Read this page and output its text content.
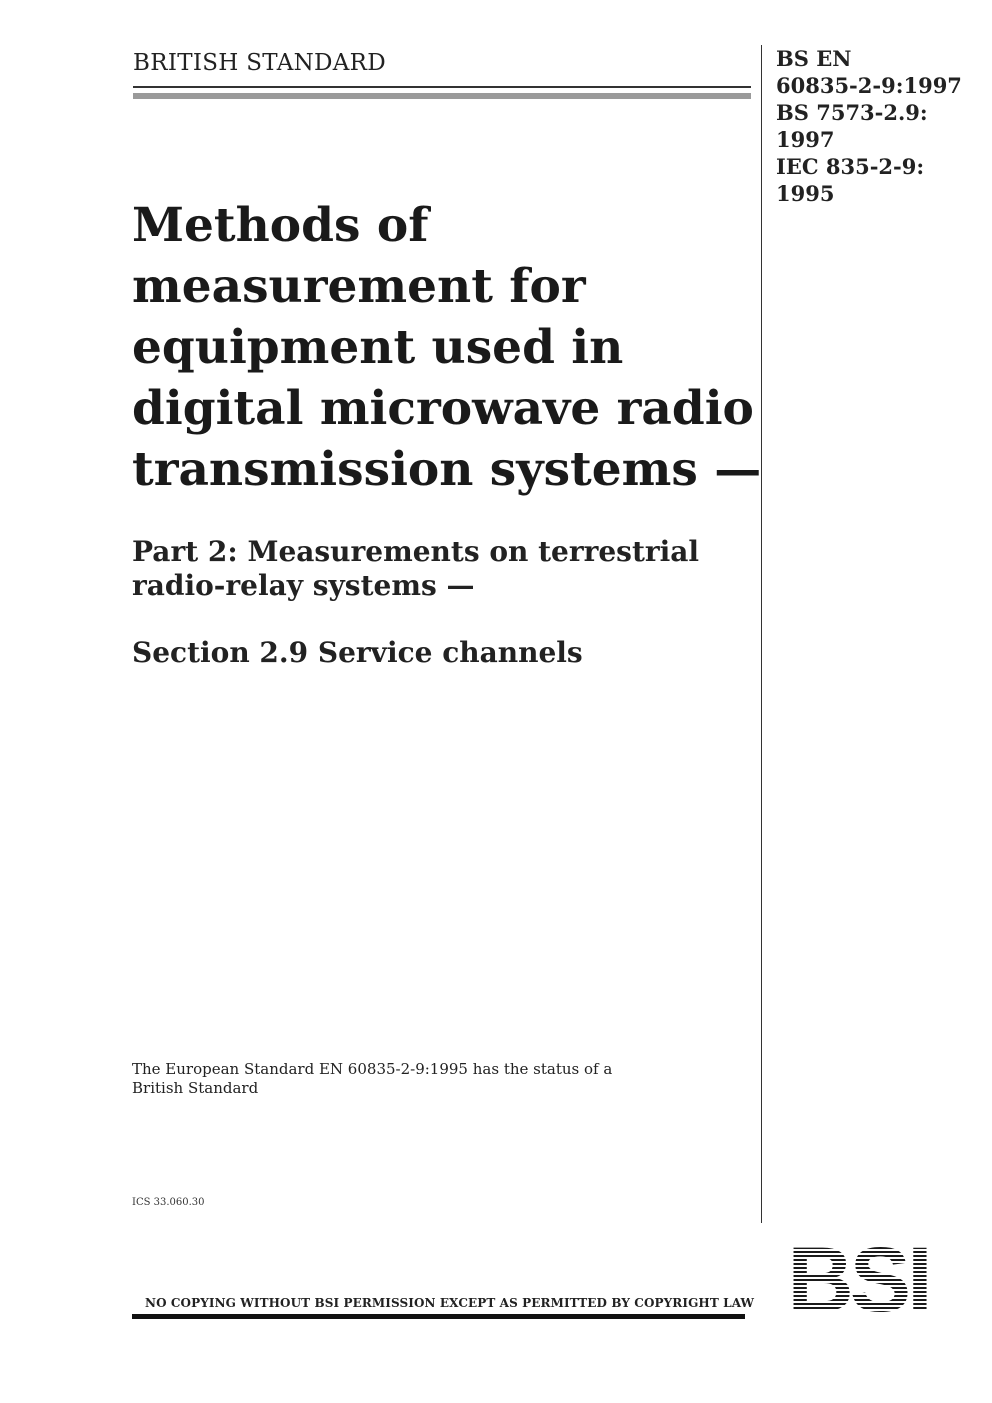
BRITISH STANDARD	BS EN
60835-2-9:1997
BS 7573-2.9:
1997
IEC 835-2-9:
1995
Methods of
measurement for
equipment used in
digital microwave radio
transmission systems —
Part 2: Measurements on terrestrial
radio-relay systems —
Section 2.9 Service channels
The European Standard EN 60835-2-9:1995 has the status of a
British Standard
ICS 33.060.30
NO COPYING WITHOUT BSI PERMISSION EXCEPT AS PERMITTED BY COPYRIGHT LAW BSI
